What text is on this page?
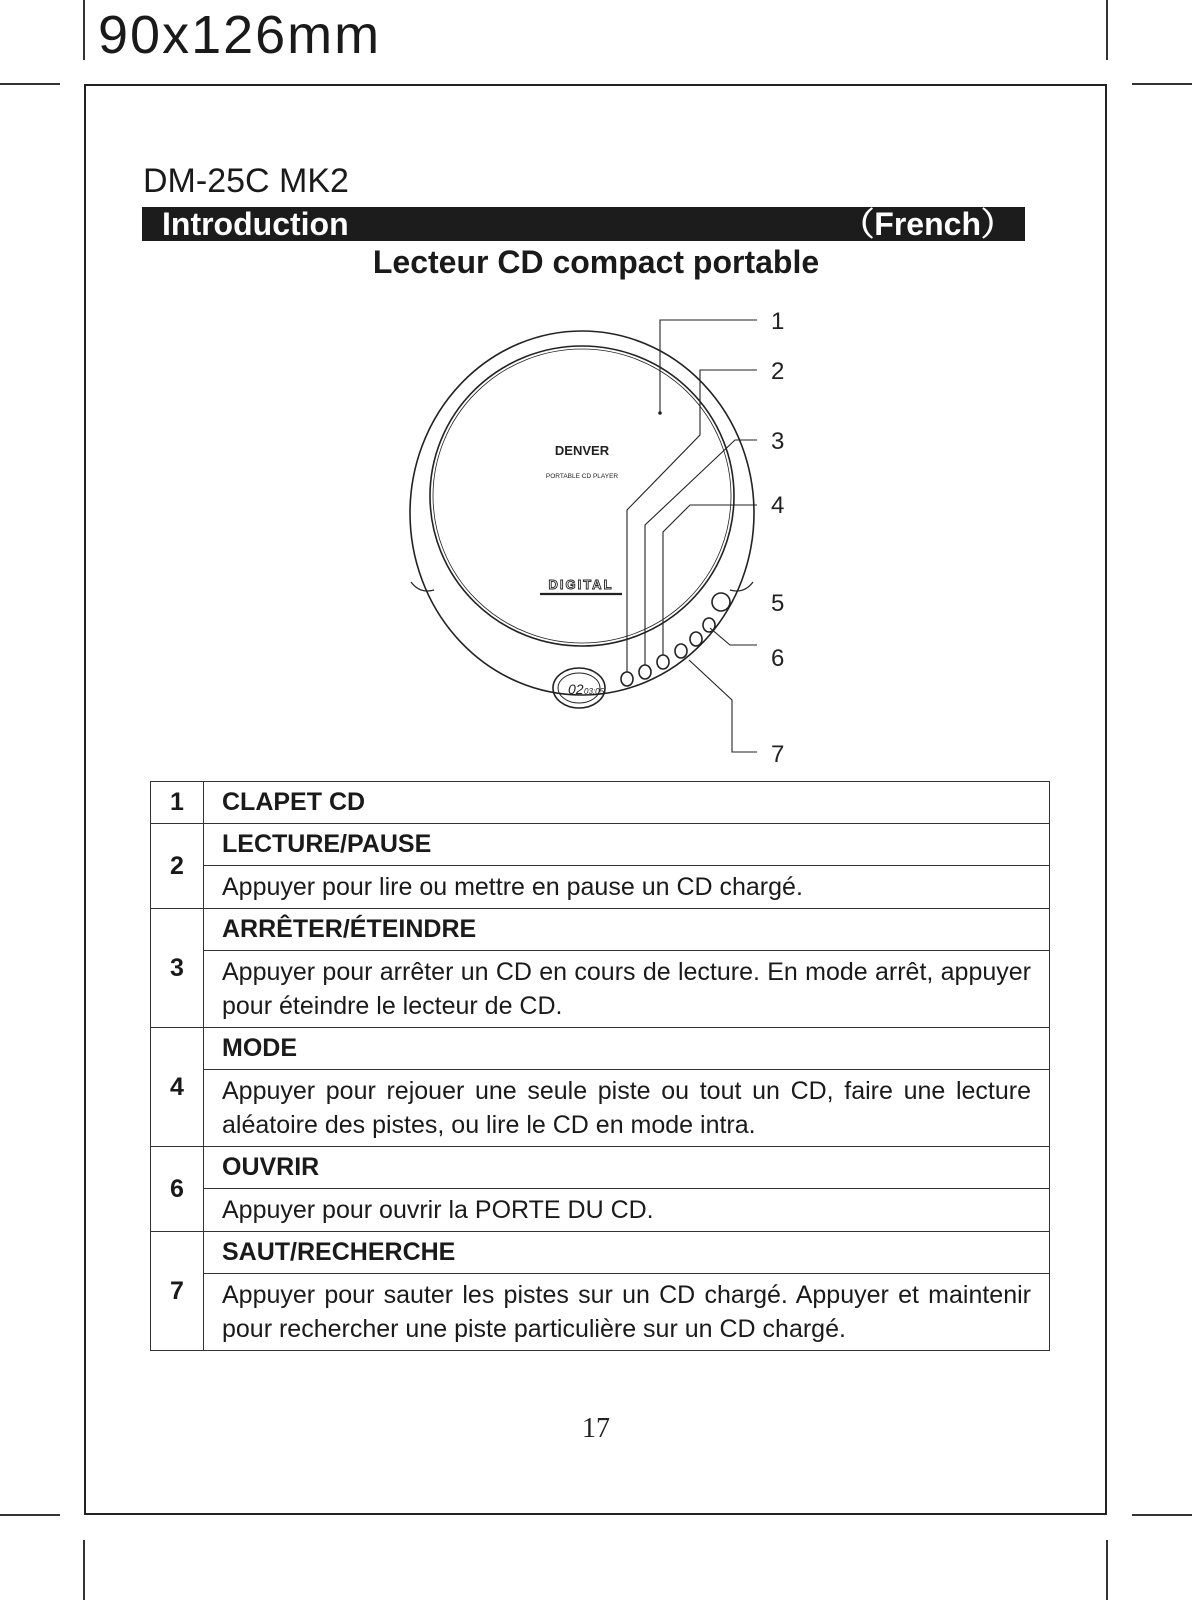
90x126mm
DM-25C MK2
Introduction	（French）
Lecteur CD compact portable
DENVER
PORTABLE CD PLAYER
DIGITAL
02 03:05
1
2
3
4
5
6
7
1	CLAPET CD
2	LECTURE/PAUSE
	Appuyer pour lire ou mettre en pause un CD chargé.
3	ARRÊTER/ÉTEINDRE
	Appuyer pour arrêter un CD en cours de lecture. En mode arrêt, appuyer pour éteindre le lecteur de CD.
4	MODE
	Appuyer pour rejouer une seule piste ou tout un CD, faire une lecture aléatoire des pistes, ou lire le CD en mode intra.
6	OUVRIR
	Appuyer pour ouvrir la PORTE DU CD.
7	SAUT/RECHERCHE
	Appuyer pour sauter les pistes sur un CD chargé. Appuyer et maintenir pour rechercher une piste particulière sur un CD chargé.
17
